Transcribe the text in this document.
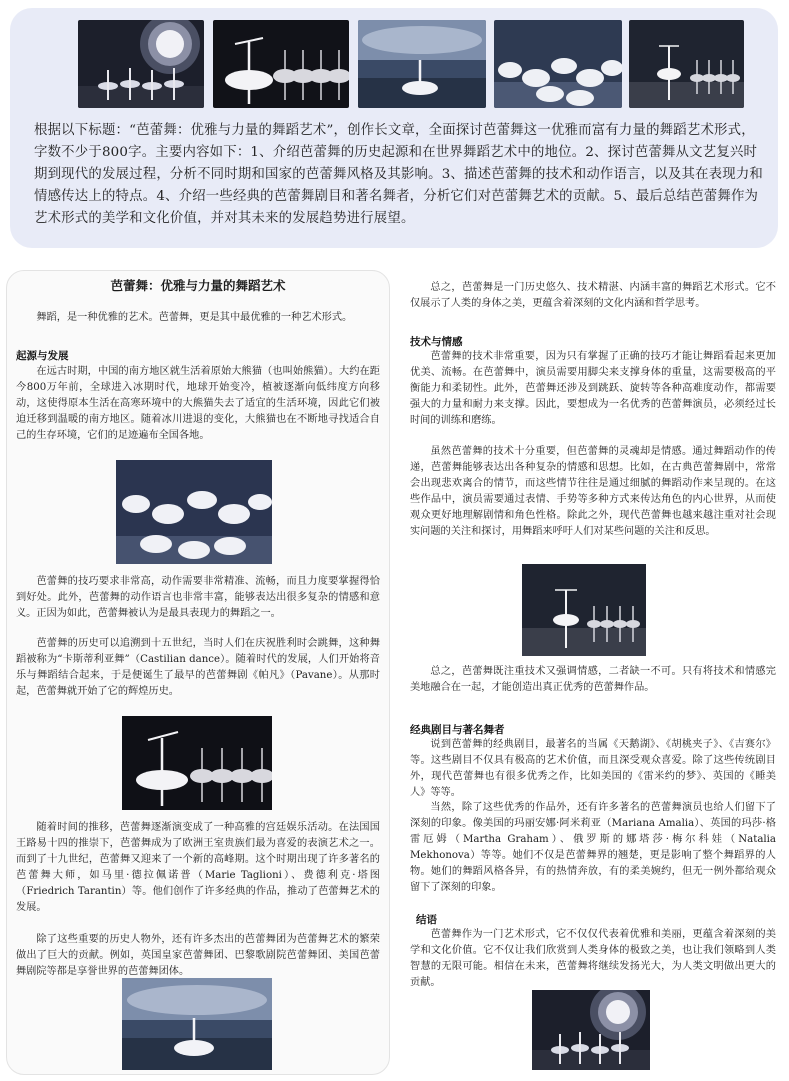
根据以下标题：“芭蕾舞：优雅与力量的舞蹈艺术”，创作长文章，全面探讨芭蕾舞这一优雅而富有力量的舞蹈艺术形式，字数不少于800字。主要内容如下：1、介绍芭蕾舞的历史起源和在世界舞蹈艺术中的地位。2、探讨芭蕾舞从文艺复兴时期到现代的发展过程，分析不同时期和国家的芭蕾舞风格及其影响。3、描述芭蕾舞的技术和动作语言，以及其在表现力和情感传达上的特点。4、介绍一些经典的芭蕾舞剧目和著名舞者，分析它们对芭蕾舞艺术的贡献。5、最后总结芭蕾舞作为艺术形式的美学和文化价值，并对其未来的发展趋势进行展望。
芭蕾舞：优雅与力量的舞蹈艺术
舞蹈，是一种优雅的艺术。芭蕾舞，更是其中最优雅的一种艺术形式。
起源与发展
在远古时期，中国的南方地区就生活着原始大熊猫（也叫始熊猫）。大约在距今800万年前，全球进入冰期时代，地球开始变冷，植被逐渐向低纬度方向移动，这使得原本生活在高寒环境中的大熊猫失去了适宜的生活环境，因此它们被迫迁移到温暖的南方地区。随着冰川进退的变化，大熊猫也在不断地寻找适合自己的生存环境，它们的足迹遍布全国各地。
芭蕾舞的技巧要求非常高，动作需要非常精准、流畅，而且力度要掌握得恰到好处。此外，芭蕾舞的动作语言也非常丰富，能够表达出很多复杂的情感和意义。正因为如此，芭蕾舞被认为是最具表现力的舞蹈之一。
芭蕾舞的历史可以追溯到十五世纪，当时人们在庆祝胜利时会跳舞，这种舞蹈被称为“卡斯蒂利亚舞”（Castilian dance）。随着时代的发展，人们开始将音乐与舞蹈结合起来，于是便诞生了最早的芭蕾舞剧《帕凡》（Pavane）。从那时起，芭蕾舞就开始了它的辉煌历史。
随着时间的推移，芭蕾舞逐渐演变成了一种高雅的宫廷娱乐活动。在法国国王路易十四的推崇下，芭蕾舞成为了欧洲王室贵族们最为喜爱的表演艺术之一。而到了十九世纪，芭蕾舞又迎来了一个新的高峰期。这个时期出现了许多著名的芭蕾舞大师，如马里·德拉佩诺普（Marie Taglioni）、费德利克·塔图（Friedrich Tarantin）等。他们创作了许多经典的作品，推动了芭蕾舞艺术的发展。
除了这些重要的历史人物外，还有许多杰出的芭蕾舞团为芭蕾舞艺术的繁荣做出了巨大的贡献。例如，英国皇家芭蕾舞团、巴黎歌剧院芭蕾舞团、美国芭蕾舞剧院等都是享誉世界的芭蕾舞团体。
总之，芭蕾舞是一门历史悠久、技术精湛、内涵丰富的舞蹈艺术形式。它不仅展示了人类的身体之美，更蕴含着深刻的文化内涵和哲学思考。
技术与情感
芭蕾舞的技术非常重要，因为只有掌握了正确的技巧才能让舞蹈看起来更加优美、流畅。在芭蕾舞中，演员需要用脚尖来支撑身体的重量，这需要极高的平衡能力和柔韧性。此外，芭蕾舞还涉及到跳跃、旋转等各种高难度动作，都需要强大的力量和耐力来支撑。因此，要想成为一名优秀的芭蕾舞演员，必须经过长时间的训练和磨练。
虽然芭蕾舞的技术十分重要，但芭蕾舞的灵魂却是情感。通过舞蹈动作的传递，芭蕾舞能够表达出各种复杂的情感和思想。比如，在古典芭蕾舞剧中，常常会出现悲欢离合的情节，而这些情节往往是通过细腻的舞蹈动作来呈现的。在这些作品中，演员需要通过表情、手势等多种方式来传达角色的内心世界，从而使观众更好地理解剧情和角色性格。除此之外，现代芭蕾舞也越来越注重对社会现实问题的关注和探讨，用舞蹈来呼吁人们对某些问题的关注和反思。
总之，芭蕾舞既注重技术又强调情感，二者缺一不可。只有将技术和情感完美地融合在一起，才能创造出真正优秀的芭蕾舞作品。
经典剧目与著名舞者
说到芭蕾舞的经典剧目，最著名的当属《天鹅湖》、《胡桃夹子》、《吉赛尔》等。这些剧目不仅具有极高的艺术价值，而且深受观众喜爱。除了这些传统剧目外，现代芭蕾舞也有很多优秀之作，比如美国的《雷米约的梦》、英国的《睡美人》等等。
当然，除了这些优秀的作品外，还有许多著名的芭蕾舞演员也给人们留下了深刻的印象。像美国的玛丽安娜·阿米莉亚（Mariana Amalia）、英国的玛莎·格雷厄姆（Martha Graham）、俄罗斯的娜塔莎·梅尔科娃（Natalia Mekhonova）等等。她们不仅是芭蕾舞界的翘楚，更是影响了整个舞蹈界的人物。她们的舞蹈风格各异，有的热情奔放，有的柔美婉约，但无一例外都给观众留下了深刻的印象。
结语
芭蕾舞作为一门艺术形式，它不仅仅代表着优雅和美丽，更蕴含着深刻的美学和文化价值。它不仅让我们欣赏到人类身体的极致之美，也让我们领略到人类智慧的无限可能。相信在未来，芭蕾舞将继续发扬光大，为人类文明做出更大的贡献。
